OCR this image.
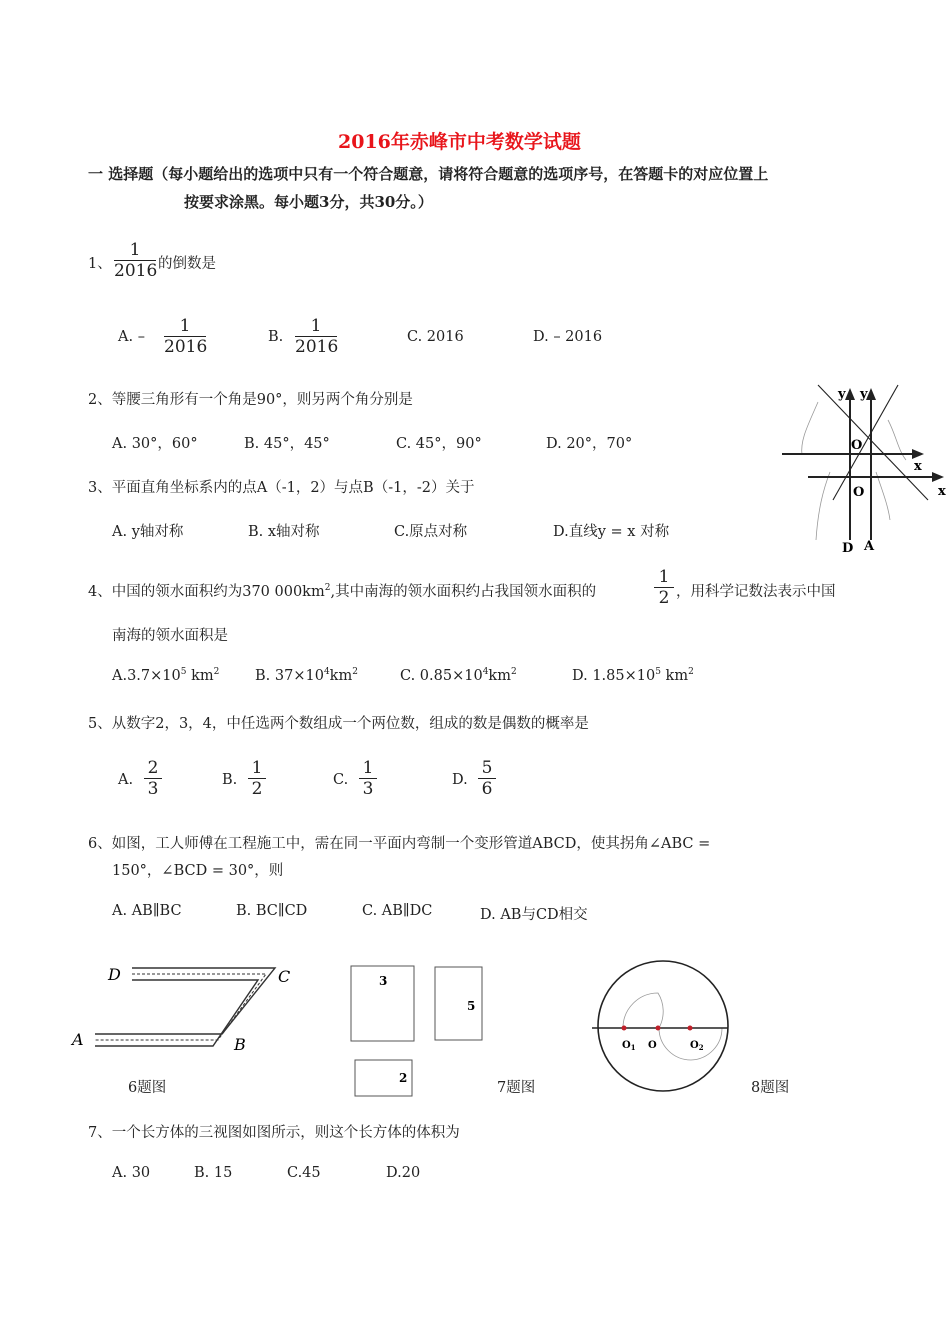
2016年赤峰市中考数学试题
一 选择题（每小题给出的选项中只有一个符合题意，请将符合题意的选项序号，在答题卡的对应位置上
按要求涂黑。每小题3分，共30分。）
1、 $\frac{1}{2016}$ 的倒数是
A. – $\frac{1}{2016}$	B. $\frac{1}{2016}$	C. 2016	D. – 2016
2、等腰三角形有一个角是90°，则另两个角分别是
A. 30°，60°	B. 45°，45°	C. 45°，90°	D. 20°，70°
3、平面直角坐标系内的点A（-1，2）与点B（-1，-2）关于
A. y轴对称	B. x轴对称	C.原点对称	D.直线y = x 对称
y y
O
O
x
x
D A
4、中国的领水面积约为370 $000km^2$,其中南海的领水面积约占我国领水面积的	$\frac{1}{2}$ ，用科学记数法表示中国
南海的领水面积是
$A.3.7\times 10^5$ $km^2$ B. $37\times 10^4km^2$	C. $0.85\times 10^4km^2$	D. $1.85\times 10^5$ $km^2$
5、从数字2，3，4，中任选两个数组成一个两位数，组成的数是偶数的概率是
A. $\frac{2}{3}$	B. $\frac{1}{2}$	C. $\frac{1}{3}$	D. $\frac{5}{6}$
6、如图，工人师傅在工程施工中，需在同一平面内弯制一个变形管道ABCD，使其拐角∠ABC =
150°，∠BCD = 30°，则
A. AB∥BC	B. BC∥CD	C. AB∥DC	D. AB与CD相交
D	C
A	B
6题图
3
5
2
7题图
$O_1$ O	$O_2$
8题图
7、一个长方体的三视图如图所示，则这个长方体的体积为
A. 30	B. 15	C.45	D.20
